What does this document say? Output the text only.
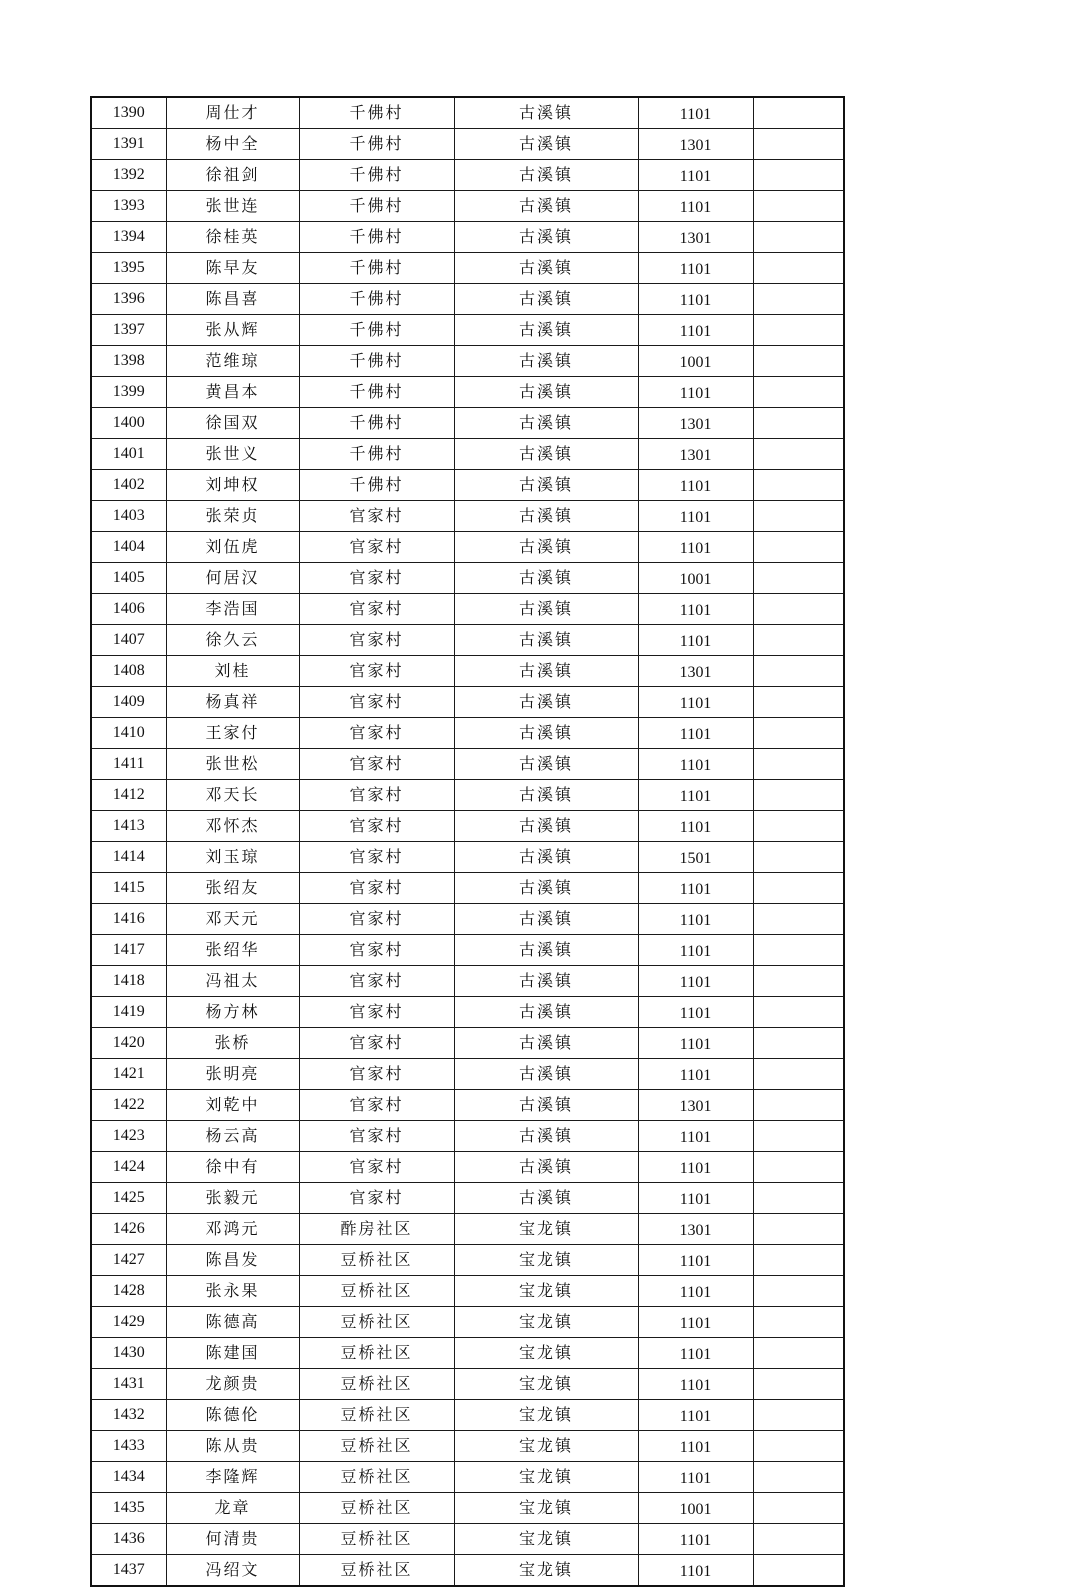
1390	周仕才	千佛村	古溪镇	1101	
1391	杨中全	千佛村	古溪镇	1301	
1392	徐祖剑	千佛村	古溪镇	1101	
1393	张世连	千佛村	古溪镇	1101	
1394	徐桂英	千佛村	古溪镇	1301	
1395	陈早友	千佛村	古溪镇	1101	
1396	陈昌喜	千佛村	古溪镇	1101	
1397	张从辉	千佛村	古溪镇	1101	
1398	范维琼	千佛村	古溪镇	1001	
1399	黄昌本	千佛村	古溪镇	1101	
1400	徐国双	千佛村	古溪镇	1301	
1401	张世义	千佛村	古溪镇	1301	
1402	刘坤权	千佛村	古溪镇	1101	
1403	张荣贞	官家村	古溪镇	1101	
1404	刘伍虎	官家村	古溪镇	1101	
1405	何居汉	官家村	古溪镇	1001	
1406	李浩国	官家村	古溪镇	1101	
1407	徐久云	官家村	古溪镇	1101	
1408	刘桂	官家村	古溪镇	1301	
1409	杨真祥	官家村	古溪镇	1101	
1410	王家付	官家村	古溪镇	1101	
1411	张世松	官家村	古溪镇	1101	
1412	邓天长	官家村	古溪镇	1101	
1413	邓怀杰	官家村	古溪镇	1101	
1414	刘玉琼	官家村	古溪镇	1501	
1415	张绍友	官家村	古溪镇	1101	
1416	邓天元	官家村	古溪镇	1101	
1417	张绍华	官家村	古溪镇	1101	
1418	冯祖太	官家村	古溪镇	1101	
1419	杨方林	官家村	古溪镇	1101	
1420	张桥	官家村	古溪镇	1101	
1421	张明亮	官家村	古溪镇	1101	
1422	刘乾中	官家村	古溪镇	1301	
1423	杨云高	官家村	古溪镇	1101	
1424	徐中有	官家村	古溪镇	1101	
1425	张毅元	官家村	古溪镇	1101	
1426	邓鸿元	酢房社区	宝龙镇	1301	
1427	陈昌发	豆桥社区	宝龙镇	1101	
1428	张永果	豆桥社区	宝龙镇	1101	
1429	陈德高	豆桥社区	宝龙镇	1101	
1430	陈建国	豆桥社区	宝龙镇	1101	
1431	龙颜贵	豆桥社区	宝龙镇	1101	
1432	陈德伦	豆桥社区	宝龙镇	1101	
1433	陈从贵	豆桥社区	宝龙镇	1101	
1434	李隆辉	豆桥社区	宝龙镇	1101	
1435	龙章	豆桥社区	宝龙镇	1001	
1436	何清贵	豆桥社区	宝龙镇	1101	
1437	冯绍文	豆桥社区	宝龙镇	1101	
